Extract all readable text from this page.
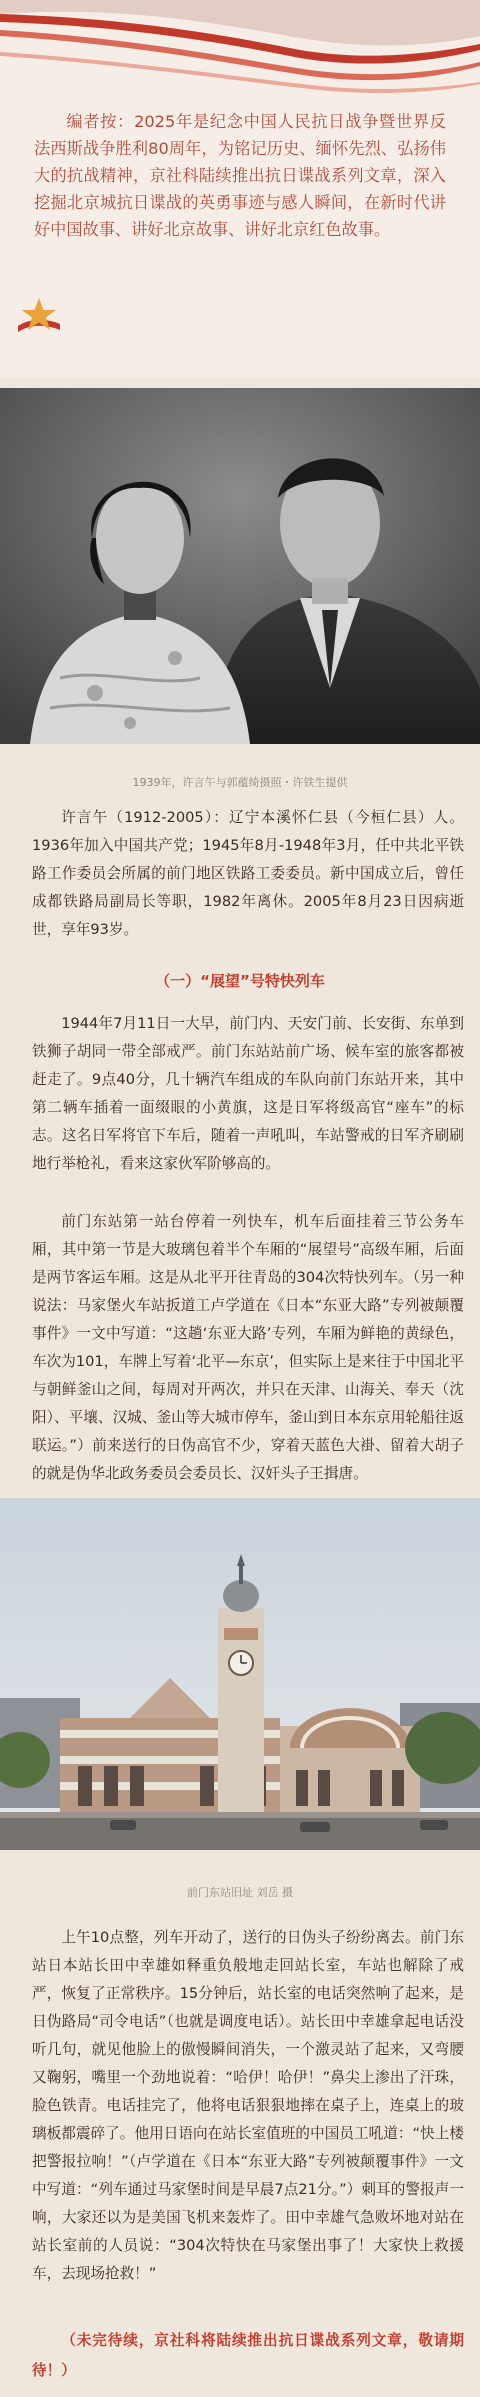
编者按：2025年是纪念中国人民抗日战争暨世界反法西斯战争胜利80周年，为铭记历史、缅怀先烈、弘扬伟大的抗战精神，京社科陆续推出抗日谍战系列文章，深入挖掘北京城抗日谍战的英勇事迹与感人瞬间，在新时代讲好中国故事、讲好北京故事、讲好北京红色故事。

1939年，许言午与郭蕴绮摄照・许铁生提供

许言午（1912-2005）：辽宁本溪怀仁县（今桓仁县）人。1936年加入中国共产党；1945年8月-1948年3月，任中共北平铁路工作委员会所属的前门地区铁路工委委员。新中国成立后，曾任成都铁路局副局长等职，1982年离休。2005年8月23日因病逝世，享年93岁。

（一）“展望”号特快列车

1944年7月11日一大早，前门内、天安门前、长安街、东单到铁狮子胡同一带全部戒严。前门东站站前广场、候车室的旅客都被赶走了。9点40分，几十辆汽车组成的车队向前门东站开来，其中第二辆车插着一面缀眼的小黄旗，这是日军将级高官“座车”的标志。这名日军将官下车后，随着一声吼叫，车站警戒的日军齐刷刷地行举枪礼，看来这家伙军阶够高的。

前门东站第一站台停着一列快车，机车后面挂着三节公务车厢，其中第一节是大玻璃包着半个车厢的“展望号”高级车厢，后面是两节客运车厢。这是从北平开往青岛的304次特快列车。（另一种说法：马家堡火车站扳道工卢学道在《日本“东亚大路”专列被颠覆事件》一文中写道：“这趟‘东亚大路’专列，车厢为鲜艳的黄绿色，车次为101，车牌上写着‘北平—东京’，但实际上是来往于中国北平与朝鲜釜山之间，每周对开两次，并只在天津、山海关、奉天（沈阳）、平壤、汉城、釜山等大城市停车，釜山到日本东京用轮船往返联运。”）前来送行的日伪高官不少，穿着天蓝色大褂、留着大胡子的就是伪华北政务委员会委员长、汉奸头子王揖唐。

前门东站旧址 刘岳 摄

上午10点整，列车开动了，送行的日伪头子纷纷离去。前门东站日本站长田中幸雄如释重负般地走回站长室，车站也解除了戒严，恢复了正常秩序。15分钟后，站长室的电话突然响了起来，是日伪路局“司令电话”（也就是调度电话）。站长田中幸雄拿起电话没听几句，就见他脸上的傲慢瞬间消失，一个激灵站了起来，又弯腰又鞠躬，嘴里一个劲地说着：“哈伊！哈伊！”鼻尖上渗出了汗珠，脸色铁青。电话挂完了，他将电话狠狠地摔在桌子上，连桌上的玻璃板都震碎了。他用日语向在站长室值班的中国员工吼道：“快上楼把警报拉响！”（卢学道在《日本“东亚大路”专列被颠覆事件》一文中写道：“列车通过马家堡时间是早晨7点21分。”）刺耳的警报声一响，大家还以为是美国飞机来轰炸了。田中幸雄气急败坏地对站在站长室前的人员说：“304次特快在马家堡出事了！大家快上救援车，去现场抢救！”

（未完待续，京社科将陆续推出抗日谍战系列文章，敬请期待！）
